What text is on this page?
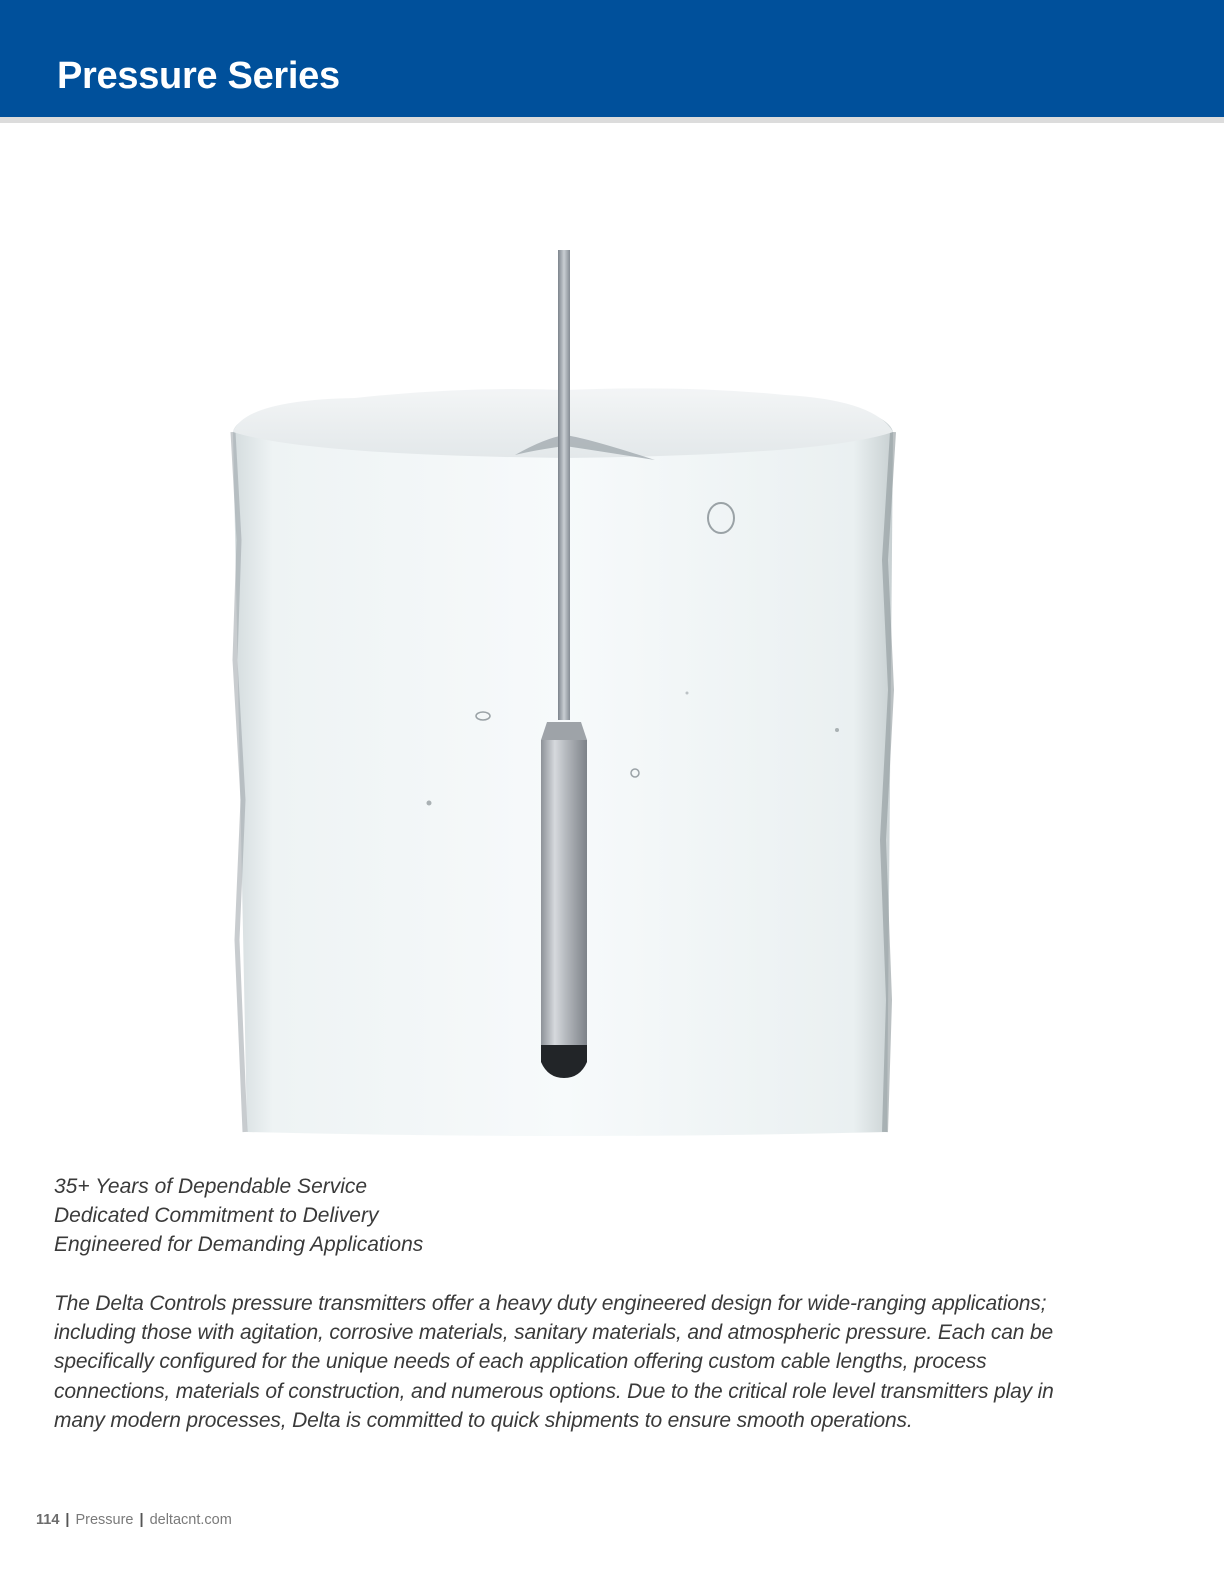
Pressure Series
35+ Years of Dependable Service
Dedicated Commitment to Delivery
Engineered for Demanding Applications
The Delta Controls pressure transmitters offer a heavy duty engineered design for wide-ranging applications; including those with agitation, corrosive materials, sanitary materials, and atmospheric pressure. Each can be specifically configured for the unique needs of each application offering custom cable lengths, process connections, materials of construction, and numerous options. Due to the critical role level transmitters play in many modern processes, Delta is committed to quick shipments to ensure smooth operations.
114 | Pressure | deltacnt.com
